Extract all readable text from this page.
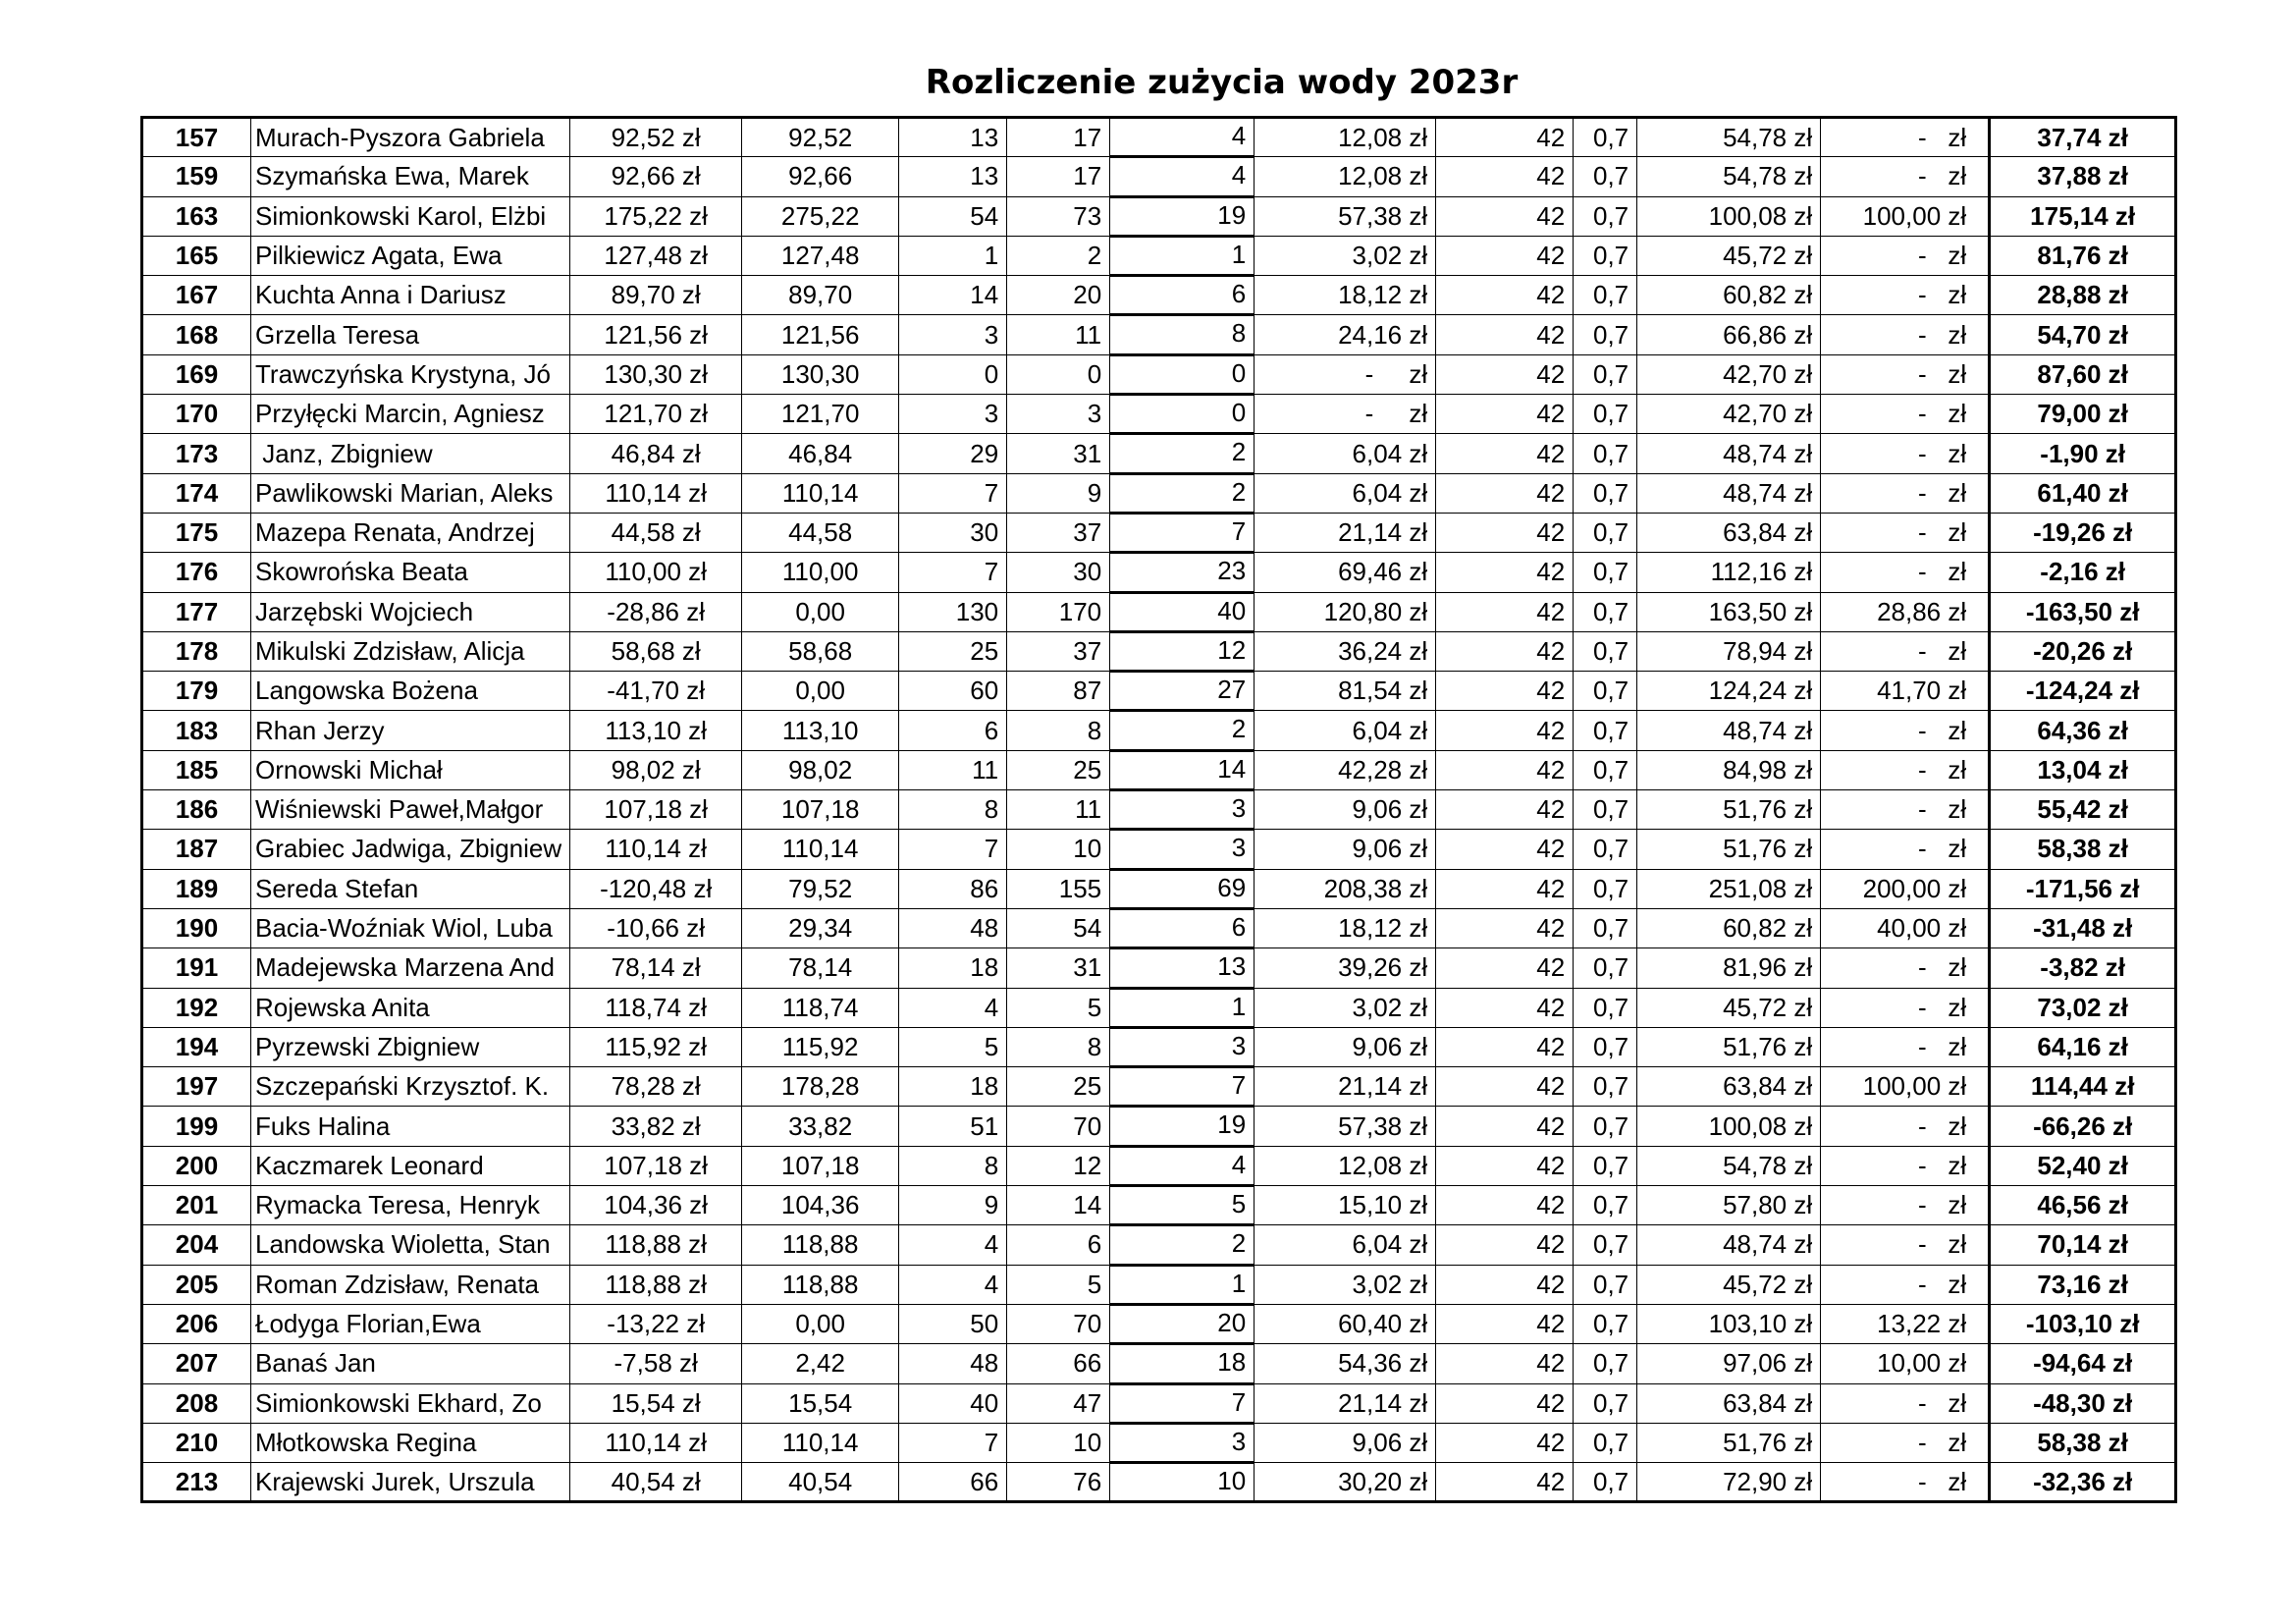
Rozliczenie zużycia wody 2023r
157	Murach-Pyszora Gabriela	92,52 zł	92,52	13	17	4	12,08 zł	42	0,7	54,78 zł	-   zł	37,74 zł
159	Szymańska Ewa, Marek	92,66 zł	92,66	13	17	4	12,08 zł	42	0,7	54,78 zł	-   zł	37,88 zł
163	Simionkowski Karol, Elżbi	175,22 zł	275,22	54	73	19	57,38 zł	42	0,7	100,08 zł	100,00 zł	175,14 zł
165	Pilkiewicz Agata, Ewa	127,48 zł	127,48	1	2	1	3,02 zł	42	0,7	45,72 zł	-   zł	81,76 zł
167	Kuchta Anna i Dariusz	89,70 zł	89,70	14	20	6	18,12 zł	42	0,7	60,82 zł	-   zł	28,88 zł
168	Grzella Teresa	121,56 zł	121,56	3	11	8	24,16 zł	42	0,7	66,86 zł	-   zł	54,70 zł
169	Trawczyńska Krystyna, Jó	130,30 zł	130,30	0	0	0	-     zł	42	0,7	42,70 zł	-   zł	87,60 zł
170	Przyłęcki Marcin, Agniesz	121,70 zł	121,70	3	3	0	-     zł	42	0,7	42,70 zł	-   zł	79,00 zł
173	Janz, Zbigniew	46,84 zł	46,84	29	31	2	6,04 zł	42	0,7	48,74 zł	-   zł	-1,90 zł
174	Pawlikowski Marian, Aleks	110,14 zł	110,14	7	9	2	6,04 zł	42	0,7	48,74 zł	-   zł	61,40 zł
175	Mazepa Renata, Andrzej	44,58 zł	44,58	30	37	7	21,14 zł	42	0,7	63,84 zł	-   zł	-19,26 zł
176	Skowrońska Beata	110,00 zł	110,00	7	30	23	69,46 zł	42	0,7	112,16 zł	-   zł	-2,16 zł
177	Jarzębski Wojciech	-28,86 zł	0,00	130	170	40	120,80 zł	42	0,7	163,50 zł	28,86 zł	-163,50 zł
178	Mikulski Zdzisław, Alicja	58,68 zł	58,68	25	37	12	36,24 zł	42	0,7	78,94 zł	-   zł	-20,26 zł
179	Langowska Bożena	-41,70 zł	0,00	60	87	27	81,54 zł	42	0,7	124,24 zł	41,70 zł	-124,24 zł
183	Rhan Jerzy	113,10 zł	113,10	6	8	2	6,04 zł	42	0,7	48,74 zł	-   zł	64,36 zł
185	Ornowski Michał	98,02 zł	98,02	11	25	14	42,28 zł	42	0,7	84,98 zł	-   zł	13,04 zł
186	Wiśniewski Paweł,Małgor	107,18 zł	107,18	8	11	3	9,06 zł	42	0,7	51,76 zł	-   zł	55,42 zł
187	Grabiec Jadwiga, Zbigniew	110,14 zł	110,14	7	10	3	9,06 zł	42	0,7	51,76 zł	-   zł	58,38 zł
189	Sereda Stefan	-120,48 zł	79,52	86	155	69	208,38 zł	42	0,7	251,08 zł	200,00 zł	-171,56 zł
190	Bacia-Woźniak Wiol, Luba	-10,66 zł	29,34	48	54	6	18,12 zł	42	0,7	60,82 zł	40,00 zł	-31,48 zł
191	Madejewska Marzena And	78,14 zł	78,14	18	31	13	39,26 zł	42	0,7	81,96 zł	-   zł	-3,82 zł
192	Rojewska Anita	118,74 zł	118,74	4	5	1	3,02 zł	42	0,7	45,72 zł	-   zł	73,02 zł
194	Pyrzewski Zbigniew	115,92 zł	115,92	5	8	3	9,06 zł	42	0,7	51,76 zł	-   zł	64,16 zł
197	Szczepański Krzysztof. K.	78,28 zł	178,28	18	25	7	21,14 zł	42	0,7	63,84 zł	100,00 zł	114,44 zł
199	Fuks Halina	33,82 zł	33,82	51	70	19	57,38 zł	42	0,7	100,08 zł	-   zł	-66,26 zł
200	Kaczmarek Leonard	107,18 zł	107,18	8	12	4	12,08 zł	42	0,7	54,78 zł	-   zł	52,40 zł
201	Rymacka Teresa, Henryk	104,36 zł	104,36	9	14	5	15,10 zł	42	0,7	57,80 zł	-   zł	46,56 zł
204	Landowska Wioletta, Stan	118,88 zł	118,88	4	6	2	6,04 zł	42	0,7	48,74 zł	-   zł	70,14 zł
205	Roman Zdzisław, Renata	118,88 zł	118,88	4	5	1	3,02 zł	42	0,7	45,72 zł	-   zł	73,16 zł
206	Łodyga Florian,Ewa	-13,22 zł	0,00	50	70	20	60,40 zł	42	0,7	103,10 zł	13,22 zł	-103,10 zł
207	Banaś Jan	-7,58 zł	2,42	48	66	18	54,36 zł	42	0,7	97,06 zł	10,00 zł	-94,64 zł
208	Simionkowski Ekhard, Zo	15,54 zł	15,54	40	47	7	21,14 zł	42	0,7	63,84 zł	-   zł	-48,30 zł
210	Młotkowska Regina	110,14 zł	110,14	7	10	3	9,06 zł	42	0,7	51,76 zł	-   zł	58,38 zł
213	Krajewski Jurek, Urszula	40,54 zł	40,54	66	76	10	30,20 zł	42	0,7	72,90 zł	-   zł	-32,36 zł
